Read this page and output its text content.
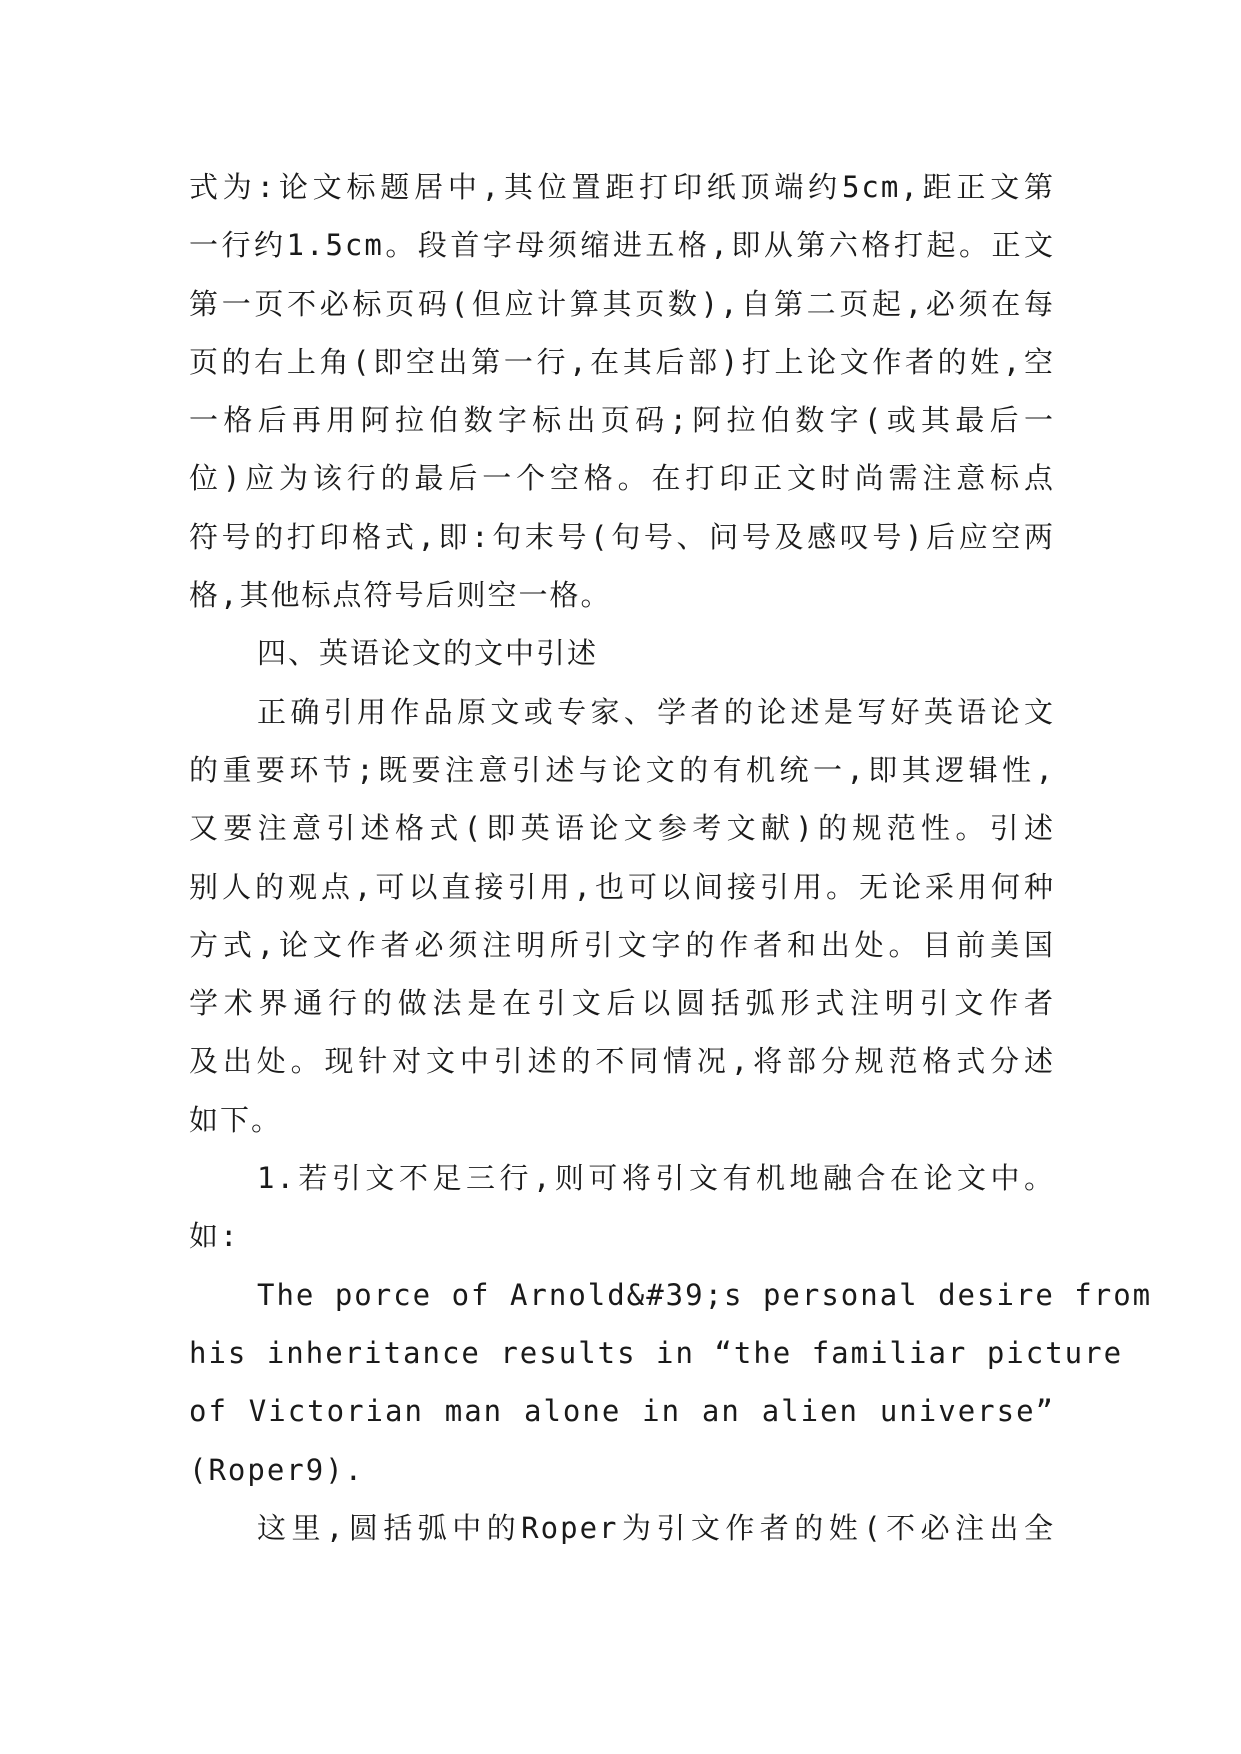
式为:论文标题居中,其位置距打印纸顶端约5cm,距正文第
一行约1.5cm。段首字母须缩进五格,即从第六格打起。正文
第一页不必标页码(但应计算其页数),自第二页起,必须在每
页的右上角(即空出第一行,在其后部)打上论文作者的姓,空
一格后再用阿拉伯数字标出页码;阿拉伯数字(或其最后一
位)应为该行的最后一个空格。在打印正文时尚需注意标点
符号的打印格式,即:句末号(句号、问号及感叹号)后应空两
格,其他标点符号后则空一格。
四、英语论文的文中引述
正确引用作品原文或专家、学者的论述是写好英语论文
的重要环节;既要注意引述与论文的有机统一,即其逻辑性,
又要注意引述格式(即英语论文参考文献)的规范性。引述
别人的观点,可以直接引用,也可以间接引用。无论采用何种
方式,论文作者必须注明所引文字的作者和出处。目前美国
学术界通行的做法是在引文后以圆括弧形式注明引文作者
及出处。现针对文中引述的不同情况,将部分规范格式分述
如下。
1.若引文不足三行,则可将引文有机地融合在论文中。
如:
The porce of Arnold&#39;s personal desire from
his inheritance results in “the familiar picture
of Victorian man alone in an alien universe”
(Roper9).
这里,圆括弧中的Roper为引文作者的姓(不必注出全
